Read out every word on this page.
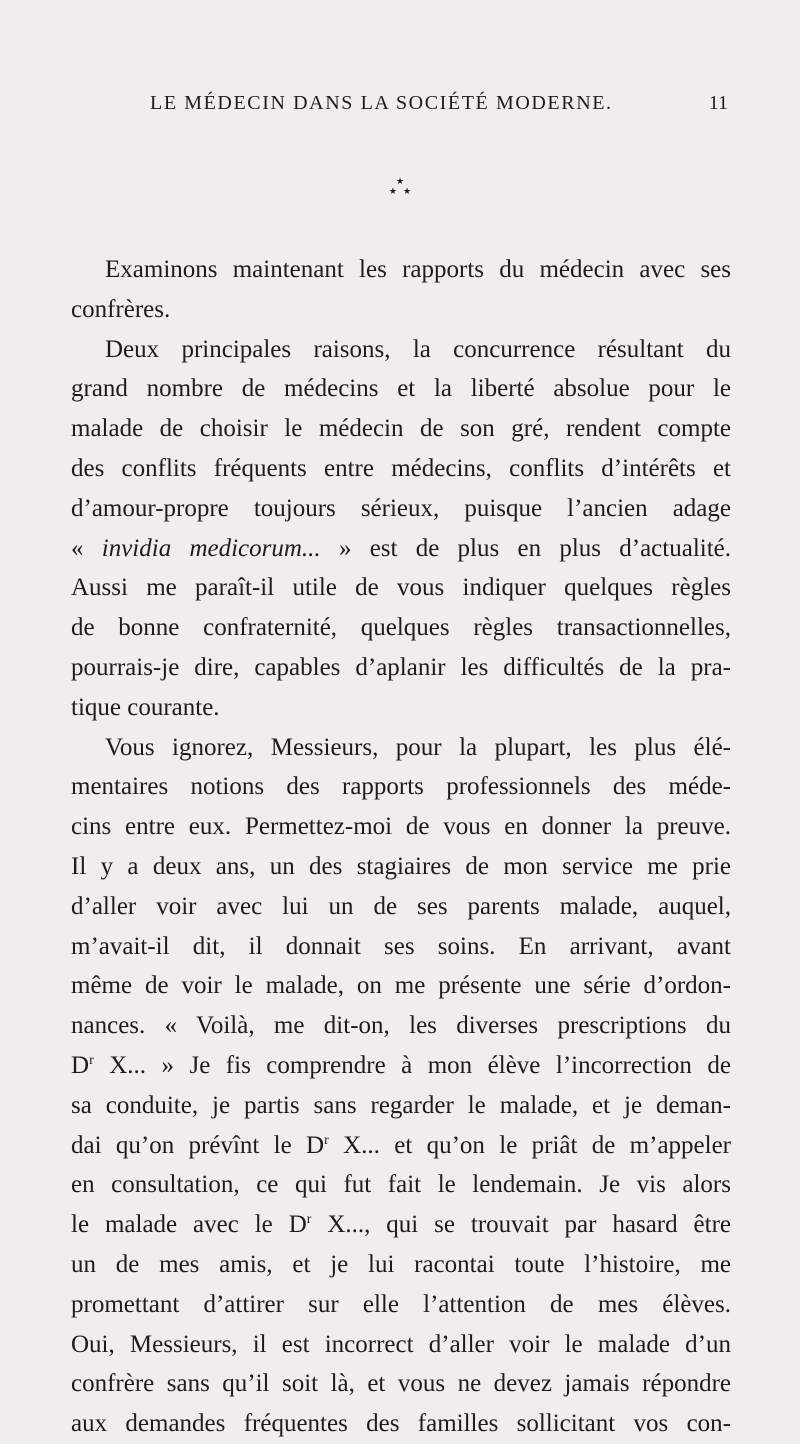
LE MÉDECIN DANS LA SOCIÉTÉ MODERNE.	11
★
★ ★
Examinons maintenant les rapports du médecin avec ses
confrères.
Deux principales raisons, la concurrence résultant du
grand nombre de médecins et la liberté absolue pour le
malade de choisir le médecin de son gré, rendent compte
des conflits fréquents entre médecins, conflits d’intérêts et
d’amour-propre toujours sérieux, puisque l’ancien adage
« invidia medicorum... » est de plus en plus d’actualité.
Aussi me paraît-il utile de vous indiquer quelques règles
de bonne confraternité, quelques règles transactionnelles,
pourrais-je dire, capables d’aplanir les difficultés de la pra-
tique courante.
Vous ignorez, Messieurs, pour la plupart, les plus élé-
mentaires notions des rapports professionnels des méde-
cins entre eux. Permettez-moi de vous en donner la preuve.
Il y a deux ans, un des stagiaires de mon service me prie
d’aller voir avec lui un de ses parents malade, auquel,
m’avait-il dit, il donnait ses soins. En arrivant, avant
même de voir le malade, on me présente une série d’ordon-
nances. « Voilà, me dit-on, les diverses prescriptions du
$D^r$ X... » Je fis comprendre à mon élève l’incorrection de
sa conduite, je partis sans regarder le malade, et je deman-
dai qu’on prévînt le $D^r$ X... et qu’on le priât de m’appeler
en consultation, ce qui fut fait le lendemain. Je vis alors
le malade avec le $D^r$ X..., qui se trouvait par hasard être
un de mes amis, et je lui racontai toute l’histoire, me
promettant d’attirer sur elle l’attention de mes élèves.
Oui, Messieurs, il est incorrect d’aller voir le malade d’un
confrère sans qu’il soit là, et vous ne devez jamais répondre
aux demandes fréquentes des familles sollicitant vos con-
